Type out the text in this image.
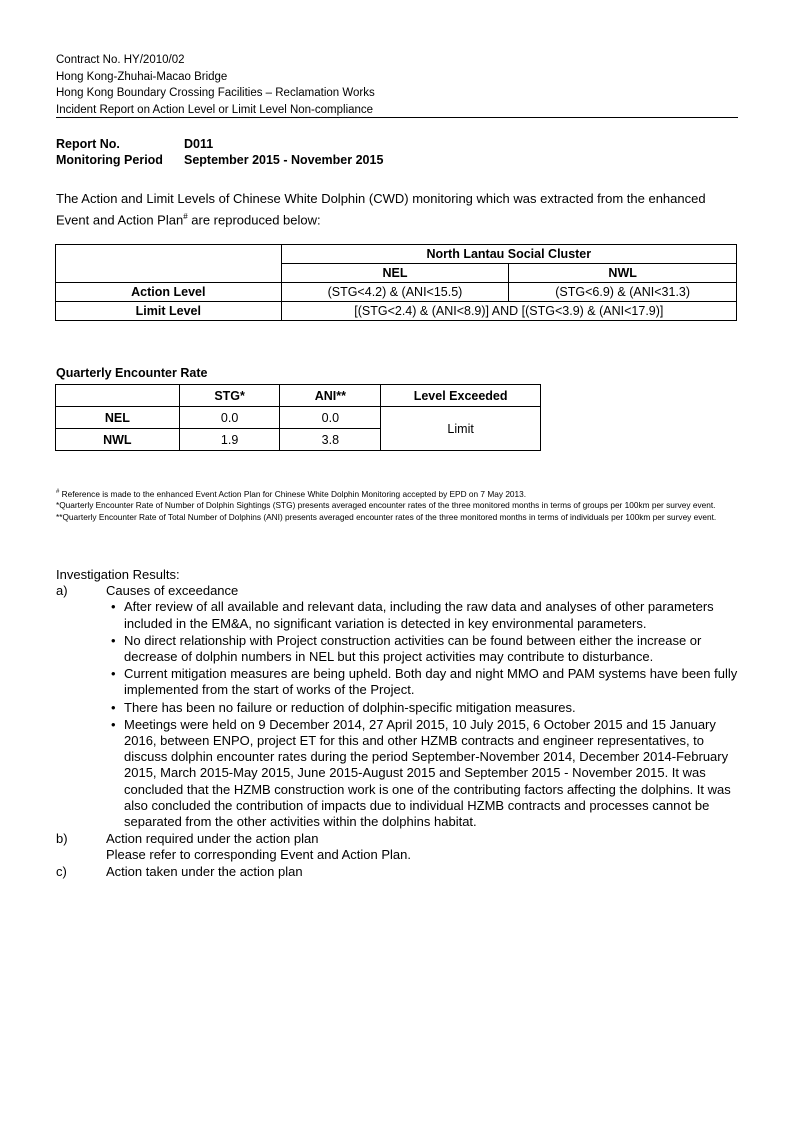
Contract No. HY/2010/02
Hong Kong-Zhuhai-Macao Bridge
Hong Kong Boundary Crossing Facilities – Reclamation Works
Incident Report on Action Level or Limit Level Non-compliance
Report No.	D011
Monitoring Period	September 2015 - November 2015
The Action and Limit Levels of Chinese White Dolphin (CWD) monitoring which was extracted from the enhanced Event and Action Plan# are reproduced below:
	North Lantau Social Cluster	
	NEL	NWL
Action Level	(STG<4.2) & (ANI<15.5)	(STG<6.9) & (ANI<31.3)
Limit Level	[(STG<2.4) & (ANI<8.9)] AND [(STG<3.9) & (ANI<17.9)]	
Quarterly Encounter Rate
	STG*	ANI**	Level Exceeded
NEL	0.0	0.0	Limit
NWL	1.9	3.8	
# Reference is made to the enhanced Event Action Plan for Chinese White Dolphin Monitoring accepted by EPD on 7 May 2013.
*Quarterly Encounter Rate of Number of Dolphin Sightings (STG) presents averaged encounter rates of the three monitored months in terms of groups per 100km per survey event.
**Quarterly Encounter Rate of Total Number of Dolphins (ANI) presents averaged encounter rates of the three monitored months in terms of individuals per 100km per survey event.
Investigation Results:
a)	Causes of exceedance
• After review of all available and relevant data, including the raw data and analyses of other parameters included in the EM&A, no significant variation is detected in key environmental parameters.
• No direct relationship with Project construction activities can be found between either the increase or decrease of dolphin numbers in NEL but this project activities may contribute to disturbance.
• Current mitigation measures are being upheld. Both day and night MMO and PAM systems have been fully implemented from the start of works of the Project.
• There has been no failure or reduction of dolphin-specific mitigation measures.
• Meetings were held on 9 December 2014, 27 April 2015, 10 July 2015, 6 October 2015 and 15 January 2016, between ENPO, project ET for this and other HZMB contracts and engineer representatives, to discuss dolphin encounter rates during the period September-November 2014, December 2014-February 2015, March 2015-May 2015, June 2015-August 2015 and September 2015 - November 2015. It was concluded that the HZMB construction work is one of the contributing factors affecting the dolphins. It was also concluded the contribution of impacts due to individual HZMB contracts and processes cannot be separated from the other activities within the dolphins habitat.
b)	Action required under the action plan
Please refer to corresponding Event and Action Plan.
c)	Action taken under the action plan
